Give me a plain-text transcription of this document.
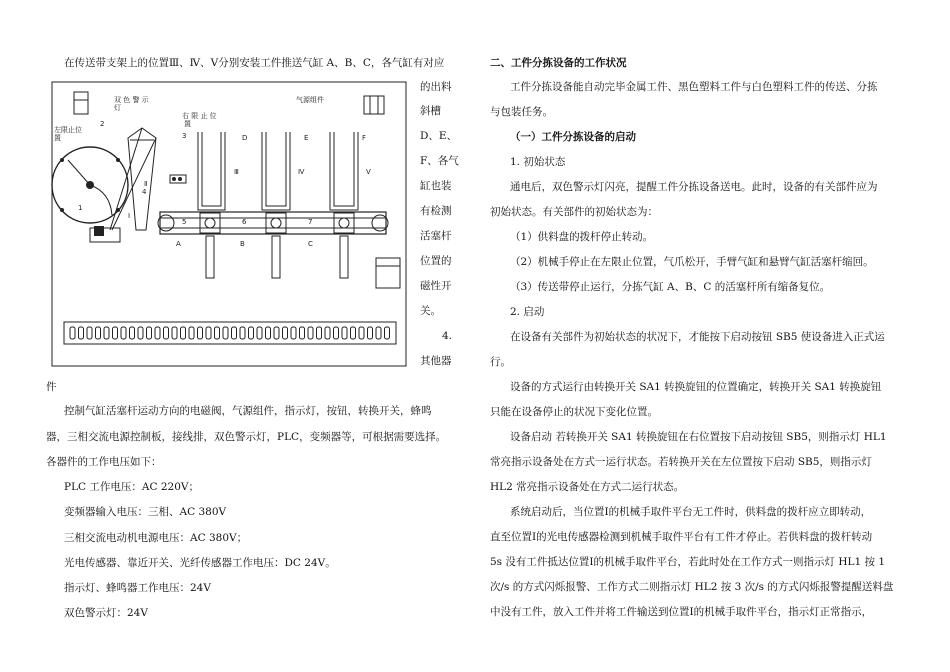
在传送带支架上的位置Ⅲ、Ⅳ、Ⅴ分别安装工件推送气缸 A、B、C，各气缸有对应
的出料
斜槽
D、E、
F、各气
缸也装
有检测
活塞杆
位置的
磁性开
关。
4.
其他器
件
控制气缸活塞杆运动方向的电磁阀，气源组件，指示灯，按钮，转换开关，蜂鸣
器，三相交流电源控制板，接线排，双色警示灯，PLC，变频器等，可根据需要选择。
各器件的工作电压如下：
PLC 工作电压：AC 220V；
变频器输入电压：三相、AC 380V
三相交流电动机电源电压：AC 380V；
光电传感器、靠近开关、光纤传感器工作电压：DC 24V。
指示灯、蜂鸣器工作电压：24V
双色警示灯：24V
双 色 警 示
灯
左限止位
置
右 限 止 位
置
气源组件
D	E	F
A	B	C
1
2
3
4
5	6	7
Ⅰ
Ⅱ
Ⅲ	Ⅳ	Ⅴ
二、工件分拣设备的工作状况
工件分拣设备能自动完毕金属工件、黑色塑料工件与白色塑料工件的传送、分拣
与包装任务。
（一）工件分拣设备的启动
1. 初始状态
通电后，双色警示灯闪亮，提醒工件分拣设备送电。此时，设备的有关部件应为
初始状态。有关部件的初始状态为：
（1）供料盘的拨杆停止转动。
（2）机械手停止在左限止位置，气爪松开，手臂气缸和悬臂气缸活塞杆缩回。
（3）传送带停止运行，分拣气缸 A、B、C 的活塞杆所有缩备复位。
2. 启动
在设备有关部件为初始状态的状况下，才能按下启动按钮 SB5 使设备进入正式运
行。
设备的方式运行由转换开关 SA1 转换旋钮的位置确定，转换开关 SA1 转换旋钮
只能在设备停止的状况下变化位置。
设备启动 若转换开关 SA1 转换旋钮在右位置按下启动按钮 SB5，则指示灯 HL1
常亮指示设备处在方式一运行状态。若转换开关在左位置按下启动 SB5，则指示灯
HL2 常亮指示设备处在方式二运行状态。
系统启动后，当位置Ⅰ的机械手取件平台无工件时，供料盘的拨杆应立即转动，
直至位置Ⅰ的光电传感器检测到机械手取件平台有工件才停止。若供料盘的拨杆转动
5s 没有工件抵达位置Ⅰ的机械手取件平台，若此时处在工作方式一则指示灯 HL1 按 1
次/s 的方式闪烁报警、工作方式二则指示灯 HL2 按 3 次/s 的方式闪烁报警提醒送料盘
中没有工件，放入工件并将工件输送到位置Ⅰ的机械手取件平台，指示灯正常指示，
